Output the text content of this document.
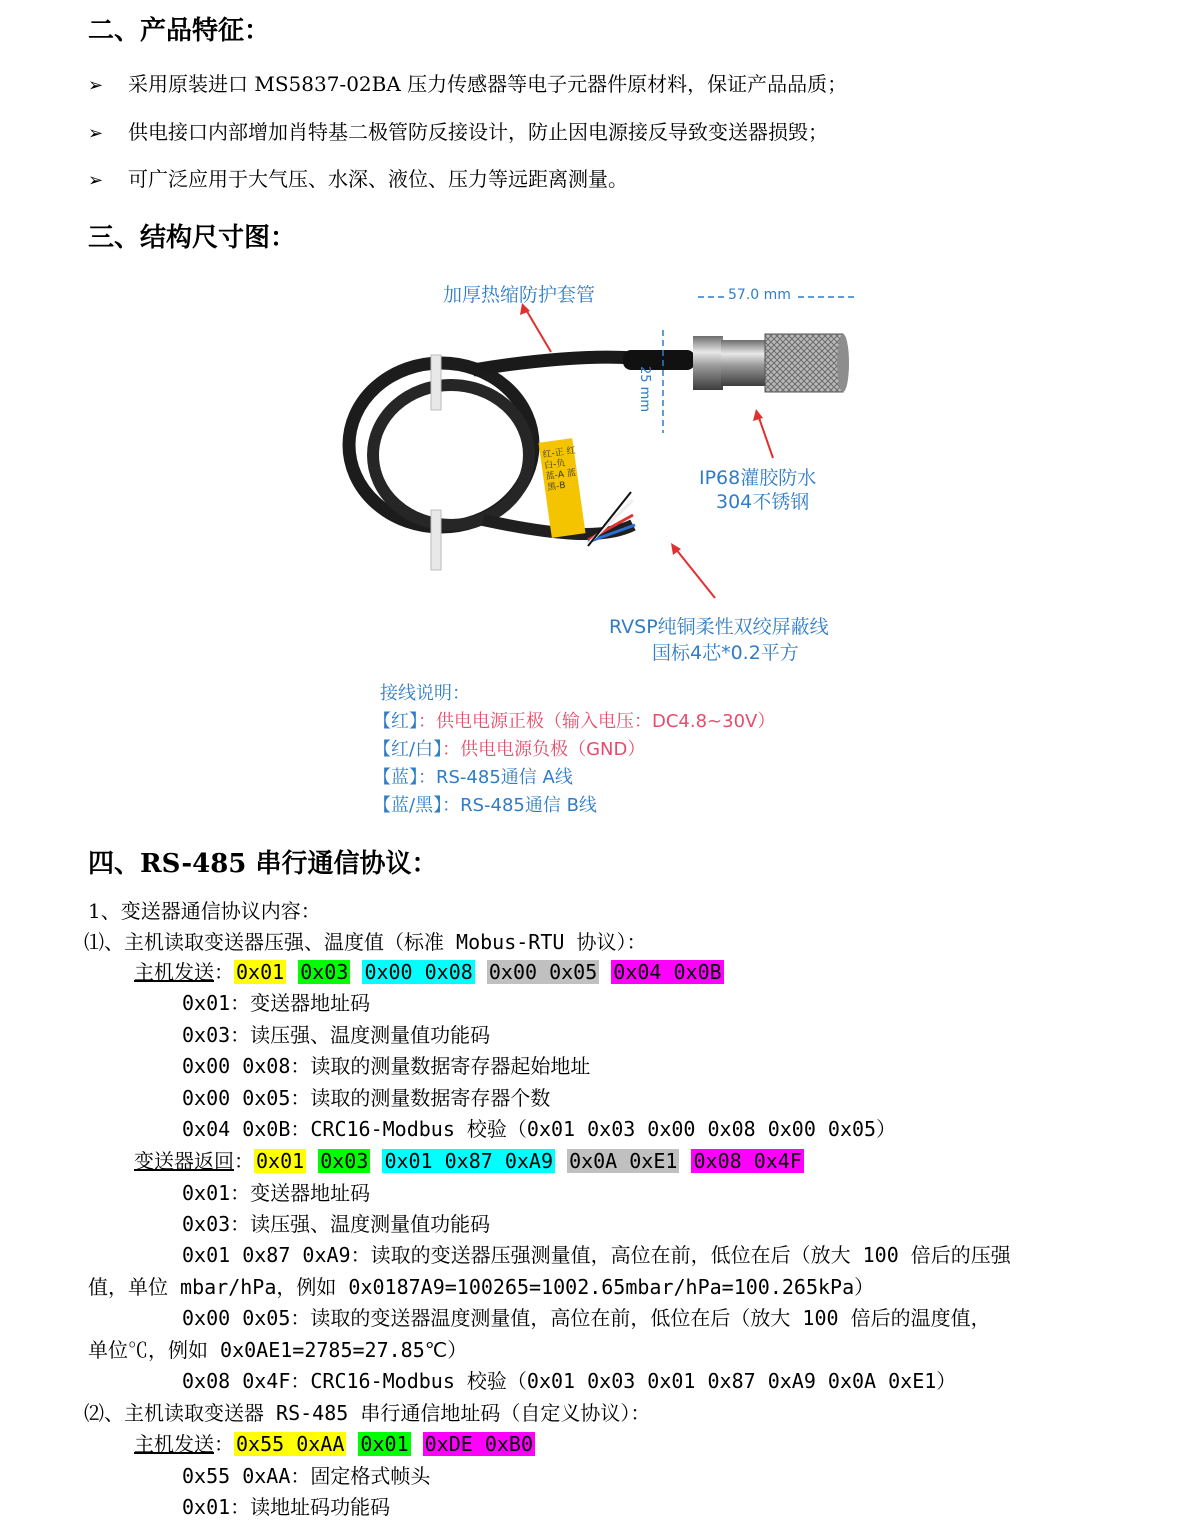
二、产品特征：
➢ 采用原装进口 MS5837-02BA 压力传感器等电子元器件原材料，保证产品品质；
➢ 供电接口内部增加肖特基二极管防反接设计，防止因电源接反导致变送器损毁；
➢ 可广泛应用于大气压、水深、液位、压力等远距离测量。
三、结构尺寸图：
加厚热缩防护套管	57.0 mm
25 mm
IP68灌胶防水
304不锈钢
RVSP纯铜柔性双绞屏蔽线
国标4芯*0.2平方
红-正 红白-负 蓝-A 蓝黑-B
接线说明：
【红】：供电电源正极（输入电压：DC4.8~30V）
【红/白】：供电电源负极（GND）
【蓝】：RS-485通信 A线
【蓝/黑】：RS-485通信 B线
四、RS-485 串行通信协议：
1、变送器通信协议内容：
⑴、主机读取变送器压强、温度值（标准 Mobus-RTU 协议）：
主机发送： 0x01 0x03 0x00 0x08 0x00 0x05 0x04 0x0B
0x01：变送器地址码
0x03：读压强、温度测量值功能码
0x00 0x08：读取的测量数据寄存器起始地址
0x00 0x05：读取的测量数据寄存器个数
0x04 0x0B：CRC16-Modbus 校验（0x01 0x03 0x00 0x08 0x00 0x05）
变送器返回： 0x01 0x03 0x01 0x87 0xA9 0x0A 0xE1 0x08 0x4F
0x01：变送器地址码
0x03：读压强、温度测量值功能码
0x01 0x87 0xA9：读取的变送器压强测量值，高位在前，低位在后（放大 100 倍后的压强
值，单位 mbar/hPa，例如 0x0187A9=100265=1002.65mbar/hPa=100.265kPa）
0x00 0x05：读取的变送器温度测量值，高位在前，低位在后（放大 100 倍后的温度值，
单位℃，例如 0x0AE1=2785=27.85℃）
0x08 0x4F：CRC16-Modbus 校验（0x01 0x03 0x01 0x87 0xA9 0x0A 0xE1）
⑵、主机读取变送器 RS-485 串行通信地址码（自定义协议）：
主机发送： 0x55 0xAA 0x01 0xDE 0xB0
0x55 0xAA：固定格式帧头
0x01：读地址码功能码
